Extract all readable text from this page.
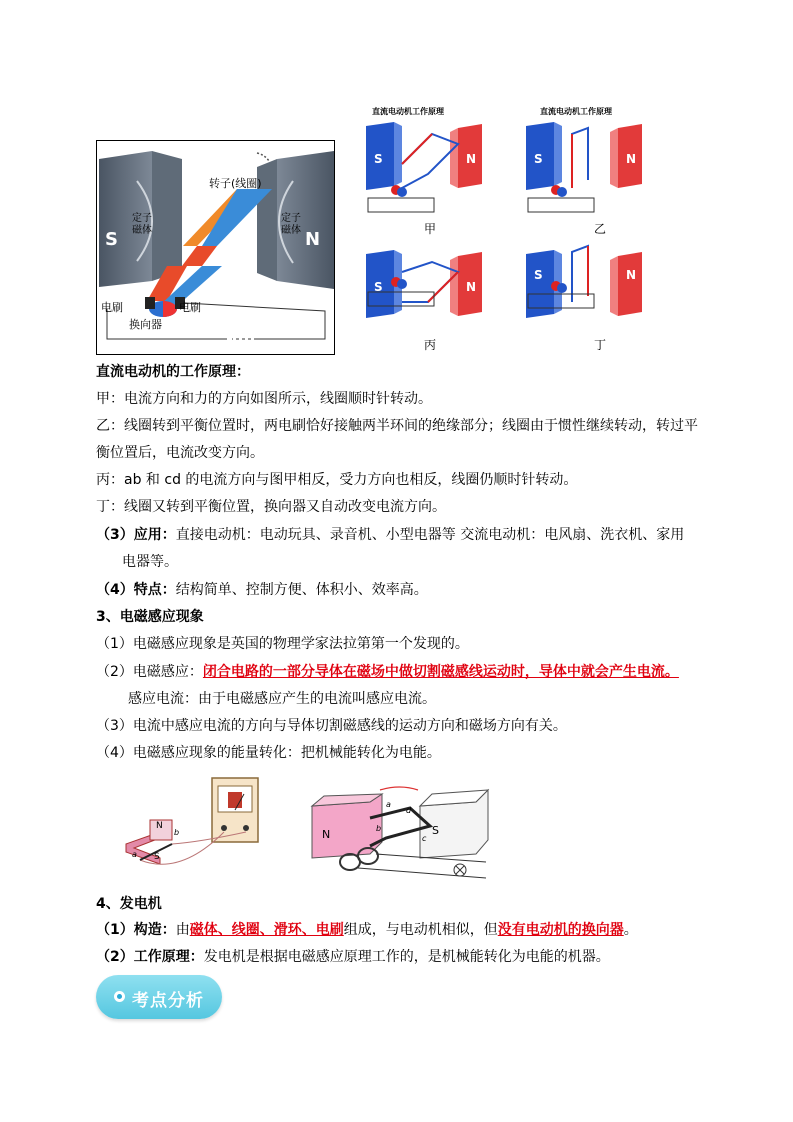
S	N
转子(线圈)
定子磁体
定子磁体
电刷	电刷
换向器
直流电动机工作原理	直流电动机工作原理
S	N	S	N
S	N
S	N
甲	乙
丙	丁
直流电动机的工作原理：
甲：电流方向和力的方向如图所示，线圈顺时针转动。
乙：线圈转到平衡位置时，两电刷恰好接触两半环间的绝缘部分；线圈由于惯性继续转动，转过平
衡位置后，电流改变方向。
丙：ab 和 cd 的电流方向与图甲相反，受力方向也相反，线圈仍顺时针转动。
丁：线圈又转到平衡位置，换向器又自动改变电流方向。
（3）应用：直接电动机：电动玩具、录音机、小型电器等 交流电动机：电风扇、洗衣机、家用
电器等。
（4）特点：结构简单、控制方便、体积小、效率高。
3、电磁感应现象
（1）电磁感应现象是英国的物理学家法拉第第一个发现的。
（2）电磁感应：闭合电路的一部分导体在磁场中做切割磁感线运动时，导体中就会产生电流。
感应电流：由于电磁感应产生的电流叫感应电流。
（3）电流中感应电流的方向与导体切割磁感线的运动方向和磁场方向有关。
（4）电磁感应现象的能量转化：把机械能转化为电能。
N
S
a
b	N	S
a
b
c
d
4、发电机
（1）构造：由磁体、线圈、滑环、电刷组成，与电动机相似，但没有电动机的换向器。
（2）工作原理：发电机是根据电磁感应原理工作的，是机械能转化为电能的机器。
考点分析
